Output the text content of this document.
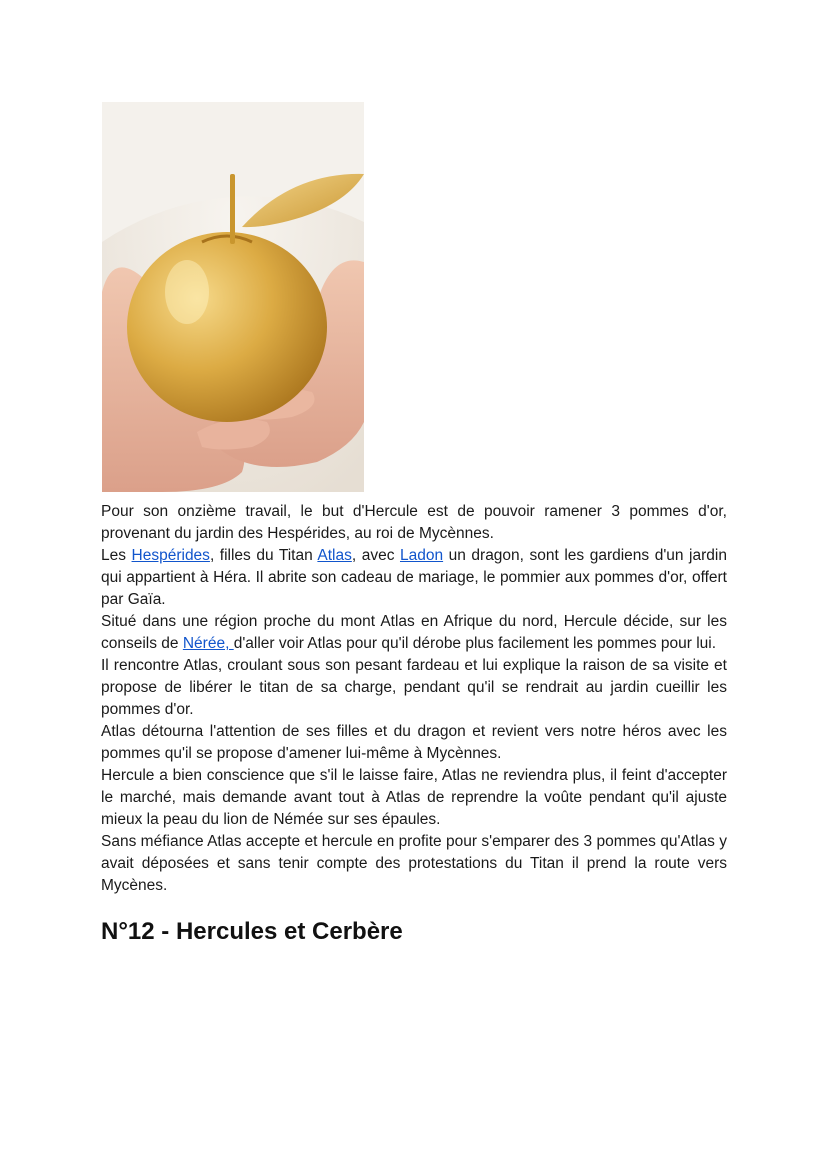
Pour son onzième travail, le but d'Hercule est de pouvoir ramener 3 pommes d'or, provenant du jardin des Hespérides, au roi de Mycènnes.

Les Hespérides, filles du Titan Atlas, avec Ladon un dragon, sont les gardiens d'un jardin qui appartient à Héra. Il abrite son cadeau de mariage, le pommier aux pommes d'or, offert par Gaïa.

Situé dans une région proche du mont Atlas en Afrique du nord, Hercule décide, sur les conseils de Nérée, d'aller voir Atlas pour qu'il dérobe plus facilement les pommes pour lui.

Il rencontre Atlas, croulant sous son pesant fardeau et lui explique la raison de sa visite et propose de libérer le titan de sa charge, pendant qu'il se rendrait au jardin cueillir les pommes d'or.

Atlas détourna l'attention de ses filles et du dragon et revient vers notre héros avec les pommes qu'il se propose d'amener lui-même à Mycènnes.

Hercule a bien conscience que s'il le laisse faire, Atlas ne reviendra plus, il feint d'accepter le marché, mais demande avant tout à Atlas de reprendre la voûte pendant qu'il ajuste mieux la peau du lion de Némée sur ses épaules.

Sans méfiance Atlas accepte et hercule en profite pour s'emparer des 3 pommes qu'Atlas y avait déposées et sans tenir compte des protestations du Titan il prend la route vers Mycènes.

N°12 - Hercules et Cerbère
